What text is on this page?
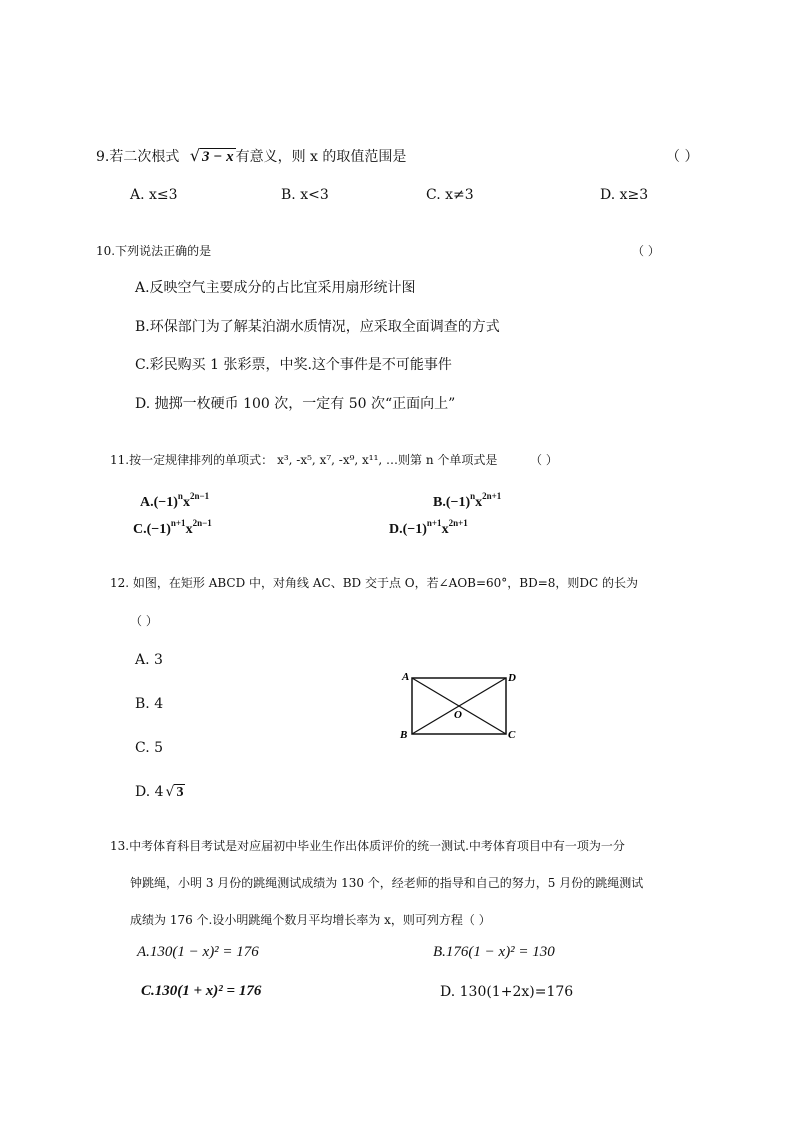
9.若二次根式 √ 3 − x 有意义，则 x 的取值范围是	（ ）
A. x≤3	B. x<3	C. x≠3	D. x≥3
10.下列说法正确的是	（ ）
A.反映空气主要成分的占比宜采用扇形统计图
B.环保部门为了解某泊湖水质情况，应采取全面调查的方式
C.彩民购买 1 张彩票，中奖.这个事件是不可能事件
D. 抛掷一枚硬币 100 次，一定有 50 次“正面向上”
11.按一定规律排列的单项式： x³, -x⁵, x⁷, -x⁹, x¹¹, …则第 n 个单项式是	（ ）
$A.(-1)^nx^{2n-1}$	$B.(-1)^nx^{2n+1}$
$C.(-1)^{n+1}x^{2n-1}$	$D.(-1)^{n+1}x^{2n+1}$
12. 如图，在矩形 ABCD 中，对角线 AC、BD 交于点 O，若∠AOB=60°，BD=8，则DC 的长为
（ ）
A. 3
B. 4
C. 5
D. 4 √ 3
A	D
B	C
O
13.中考体育科目考试是对应届初中毕业生作出体质评价的统一测试.中考体育项目中有一项为一分
钟跳绳，小明 3 月份的跳绳测试成绩为 130 个，经老师的指导和自己的努力，5 月份的跳绳测试
成绩为 176 个.设小明跳绳个数月平均增长率为 x，则可列方程（ ）
A.130(1 − x)² = 176	B.176(1 − x)² = 130
C.130(1 + x)² = 176	D. 130(1+2x)=176
